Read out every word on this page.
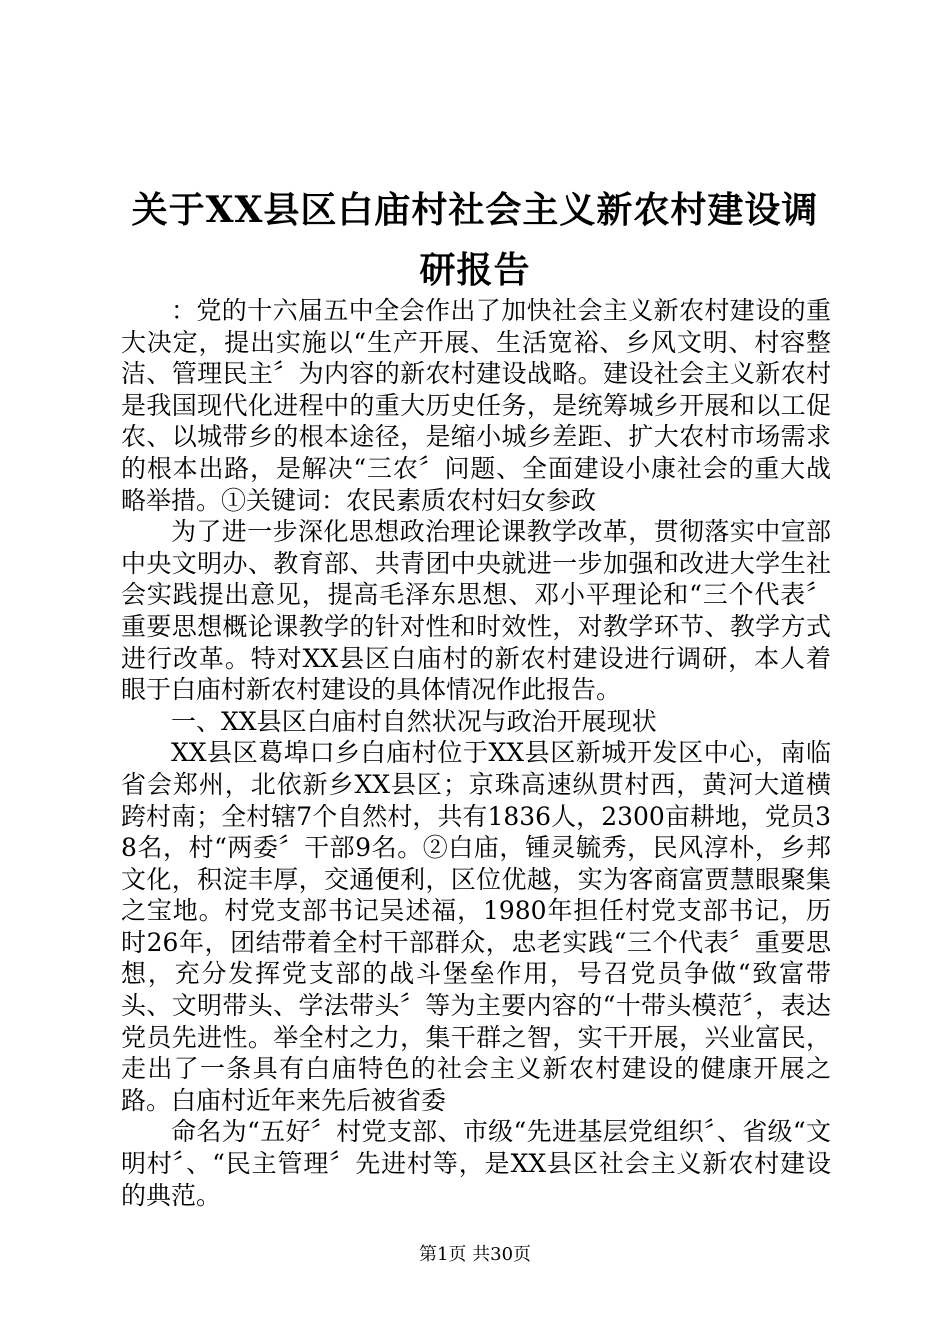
关于XX县区白庙村社会主义新农村建设调研报告

：党的十六届五中全会作出了加快社会主义新农村建设的重大决定，提出实施以“生产开展、生活宽裕、乡风文明、村容整洁、管理民主〞为内容的新农村建设战略。建设社会主义新农村是我国现代化进程中的重大历史任务，是统筹城乡开展和以工促农、以城带乡的根本途径，是缩小城乡差距、扩大农村市场需求的根本出路，是解决“三农〞问题、全面建设小康社会的重大战略举措。①关键词：农民素质农村妇女参政

为了进一步深化思想政治理论课教学改革，贯彻落实中宣部中央文明办、教育部、共青团中央就进一步加强和改进大学生社会实践提出意见，提高毛泽东思想、邓小平理论和“三个代表〞重要思想概论课教学的针对性和时效性，对教学环节、教学方式进行改革。特对XX县区白庙村的新农村建设进行调研，本人着眼于白庙村新农村建设的具体情况作此报告。

一、XX县区白庙村自然状况与政治开展现状

XX县区葛埠口乡白庙村位于XX县区新城开发区中心，南临省会郑州，北依新乡XX县区；京珠高速纵贯村西，黄河大道横跨村南；全村辖7个自然村，共有1836人，2300亩耕地，党员38名，村“两委〞干部9名。②白庙，锺灵毓秀，民风淳朴，乡邦文化，积淀丰厚，交通便利，区位优越，实为客商富贾慧眼聚集之宝地。村党支部书记吴述福，1980年担任村党支部书记，历时26年，团结带着全村干部群众，忠老实践“三个代表〞重要思想，充分发挥党支部的战斗堡垒作用，号召党员争做“致富带头、文明带头、学法带头〞等为主要内容的“十带头模范〞，表达党员先进性。举全村之力，集干群之智，实干开展，兴业富民，走出了一条具有白庙特色的社会主义新农村建设的健康开展之路。白庙村近年来先后被省委

命名为“五好〞村党支部、市级“先进基层党组织〞、省级“文明村〞、“民主管理〞先进村等，是XX县区社会主义新农村建设的典范。

第1页 共30页
